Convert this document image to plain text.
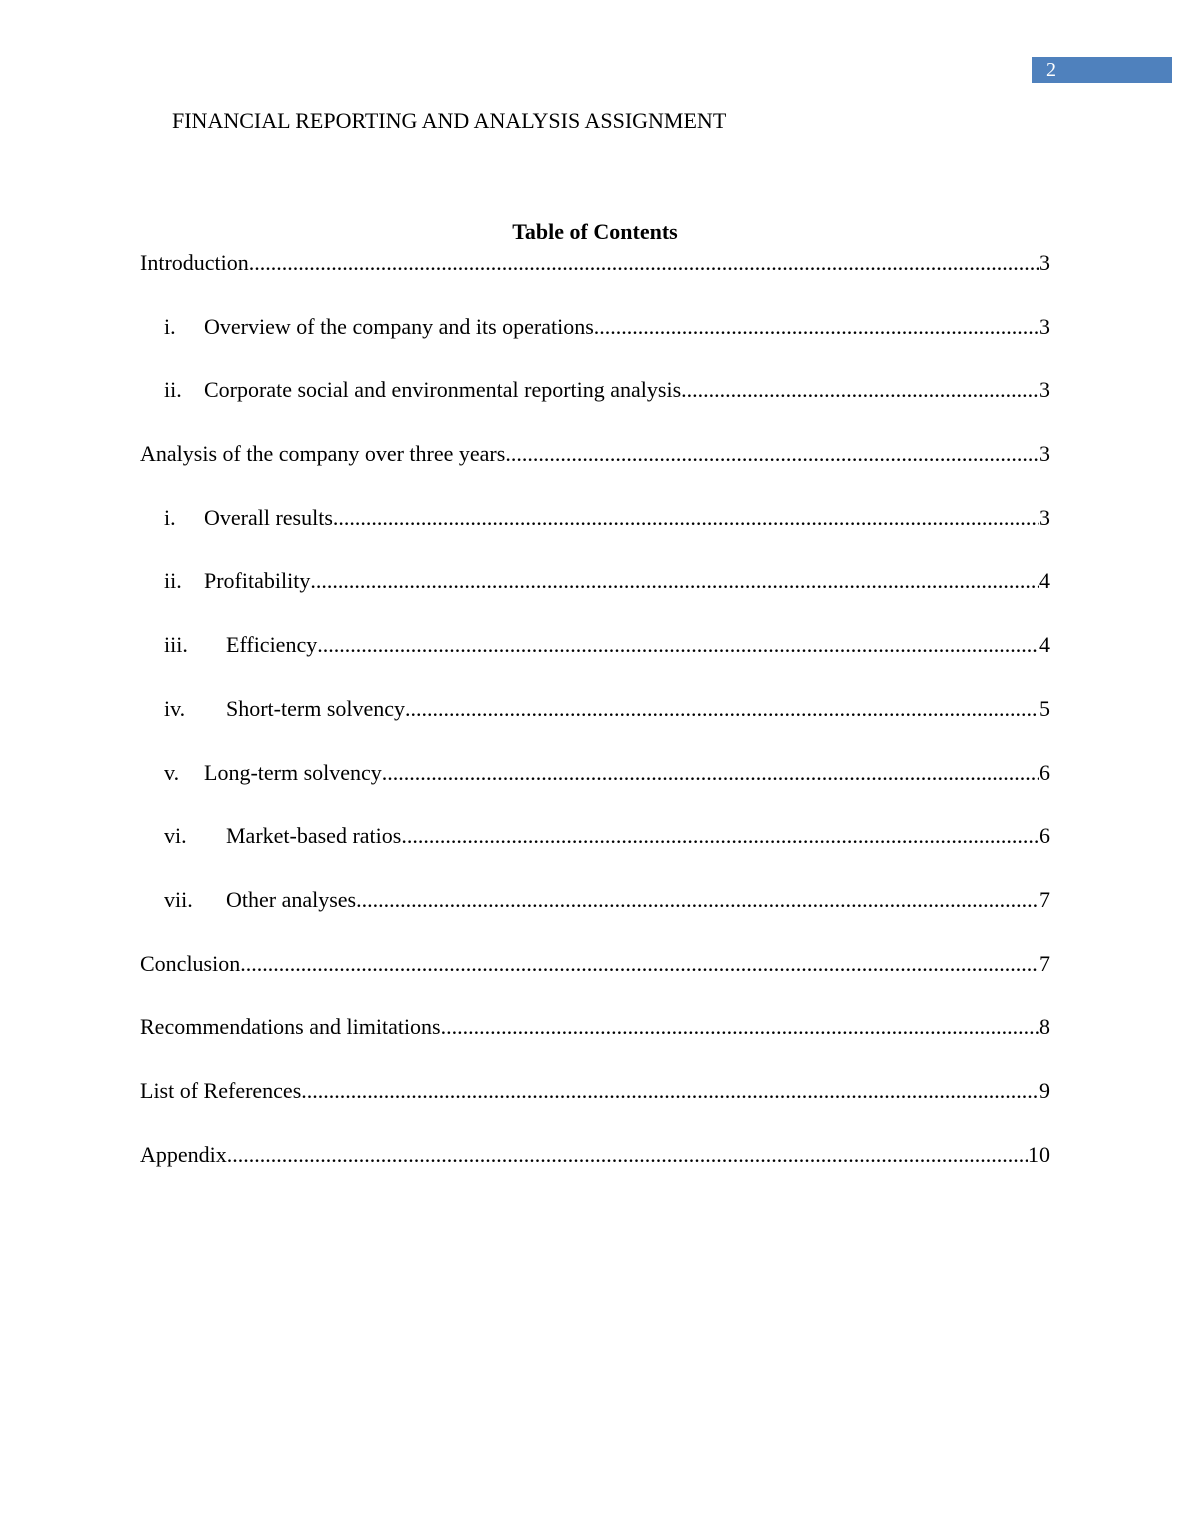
2
FINANCIAL REPORTING AND ANALYSIS ASSIGNMENT
Table of Contents
Introduction .....	3
i.	Overview of the company and its operations .....	3
ii.	Corporate social and environmental reporting analysis .....	3
Analysis of the company over three years .....	3
i.	Overall results .....	3
ii.	Profitability .....	4
iii.	Efficiency .....	4
iv.	Short-term solvency .....	5
v.	Long-term solvency .....	6
vi.	Market-based ratios .....	6
vii.	Other analyses .....	7
Conclusion .....	7
Recommendations and limitations .....	8
List of References .....	9
Appendix .....	10
